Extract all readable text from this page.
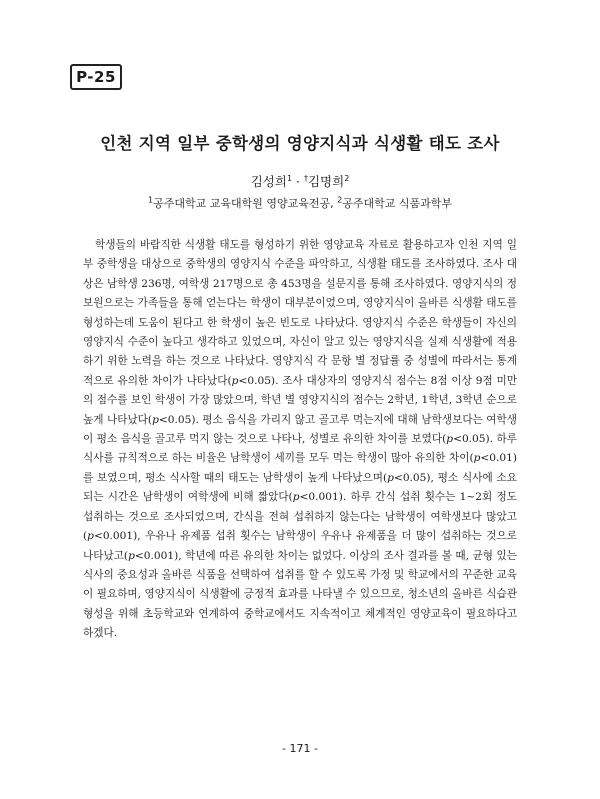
P-25
인천 지역 일부 중학생의 영양지식과 식생활 태도 조사
김성희$^1$ · †김명희$^2$
$^1$공주대학교 교육대학원 영양교육전공, $^2$공주대학교 식품과학부

학생들의 바람직한 식생활 태도를 형성하기 위한 영양교육 자료로 활용하고자 인천 지역 일부 중학생을 대상으로 중학생의 영양지식 수준을 파악하고, 식생활 태도를 조사하였다. 조사 대상은 남학생 236명, 여학생 217명으로 총 453명을 설문지를 통해 조사하였다. 영양지식의 정보원으로는 가족들을 통해 얻는다는 학생이 대부분이었으며, 영양지식이 올바른 식생활 태도를 형성하는데 도움이 된다고 한 학생이 높은 빈도로 나타났다. 영양지식 수준은 학생들이 자신의 영양지식 수준이 높다고 생각하고 있었으며, 자신이 알고 있는 영양지식을 실제 식생활에 적용하기 위한 노력을 하는 것으로 나타났다. 영양지식 각 문항 별 정답률 중 성별에 따라서는 통계적으로 유의한 차이가 나타났다(p<0.05). 조사 대상자의 영양지식 점수는 8점 이상 9점 미만의 점수를 보인 학생이 가장 많았으며, 학년 별 영양지식의 점수는 2학년, 1학년, 3학년 순으로 높게 나타났다(p<0.05). 평소 음식을 가리지 않고 골고루 먹는지에 대해 남학생보다는 여학생이 평소 음식을 골고루 먹지 않는 것으로 나타나, 성별로 유의한 차이를 보였다(p<0.05). 하루 식사를 규칙적으로 하는 비율은 남학생이 세끼를 모두 먹는 학생이 많아 유의한 차이(p<0.01)를 보였으며, 평소 식사할 때의 태도는 남학생이 높게 나타났으며(p<0.05), 평소 식사에 소요되는 시간은 남학생이 여학생에 비해 짧았다(p<0.001). 하루 간식 섭취 횟수는 1~2회 정도 섭취하는 것으로 조사되었으며, 간식을 전혀 섭취하지 않는다는 남학생이 여학생보다 많았고(p<0.001), 우유나 유제품 섭취 횟수는 남학생이 우유나 유제품을 더 많이 섭취하는 것으로 나타났고(p<0.001), 학년에 따른 유의한 차이는 없었다. 이상의 조사 결과를 볼 때, 균형 있는 식사의 중요성과 올바른 식품을 선택하여 섭취를 할 수 있도록 가정 및 학교에서의 꾸준한 교육이 필요하며, 영양지식이 식생활에 긍정적 효과를 나타낼 수 있으므로, 청소년의 올바른 식습관 형성을 위해 초등학교와 연계하여 중학교에서도 지속적이고 체계적인 영양교육이 필요하다고 하겠다.

- 171 -
